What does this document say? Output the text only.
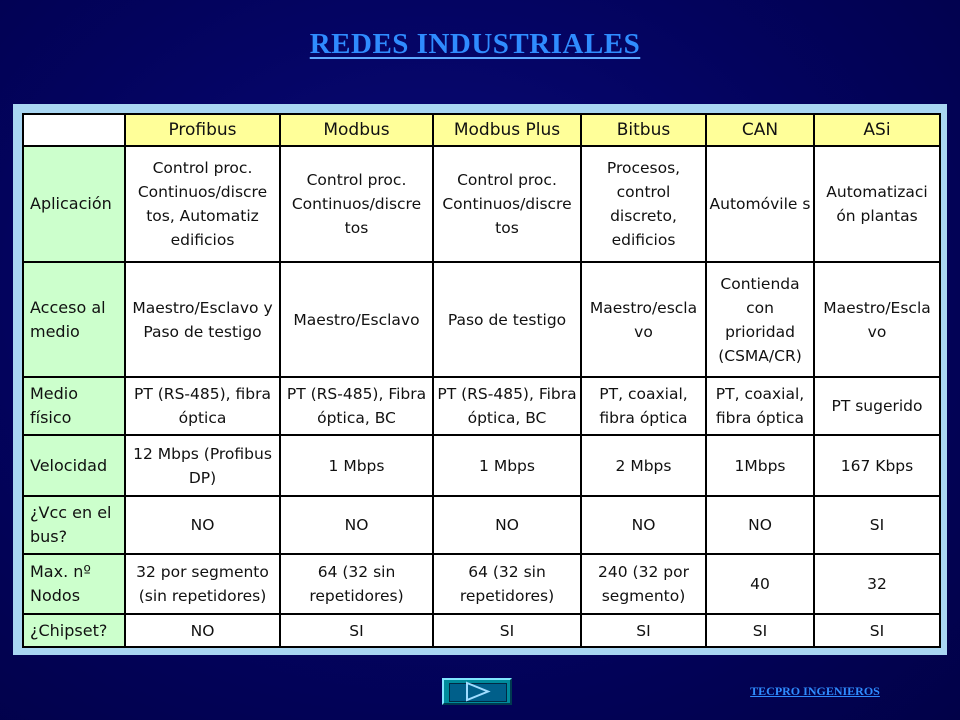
REDES INDUSTRIALES
	Profibus	Modbus	Modbus Plus	Bitbus	CAN	ASi
Aplicación	Control proc. Continuos/discre tos, Automatiz edificios	Control proc. Continuos/discre tos	Control proc. Continuos/discre tos	Procesos, control discreto, edificios	Automóvile s	Automatizaci ón plantas
Acceso al medio	Maestro/Esclavo y Paso de testigo	Maestro/Esclavo	Paso de testigo	Maestro/escla vo	Contienda con prioridad (CSMA/CR)	Maestro/Escla vo
Medio físico	PT (RS-485), fibra óptica	PT (RS-485), Fibra óptica, BC	PT (RS-485), Fibra óptica, BC	PT, coaxial, fibra óptica	PT, coaxial, fibra óptica	PT sugerido
Velocidad	12 Mbps (Profibus DP)	1 Mbps	1 Mbps	2 Mbps	1Mbps	167 Kbps
¿Vcc en el bus?	NO	NO	NO	NO	NO	SI
Max. nº Nodos	32 por segmento (sin repetidores)	64 (32 sin repetidores)	64 (32 sin repetidores)	240 (32 por segmento)	40	32
¿Chipset?	NO	SI	SI	SI	SI	SI
TECPRO INGENIEROS
